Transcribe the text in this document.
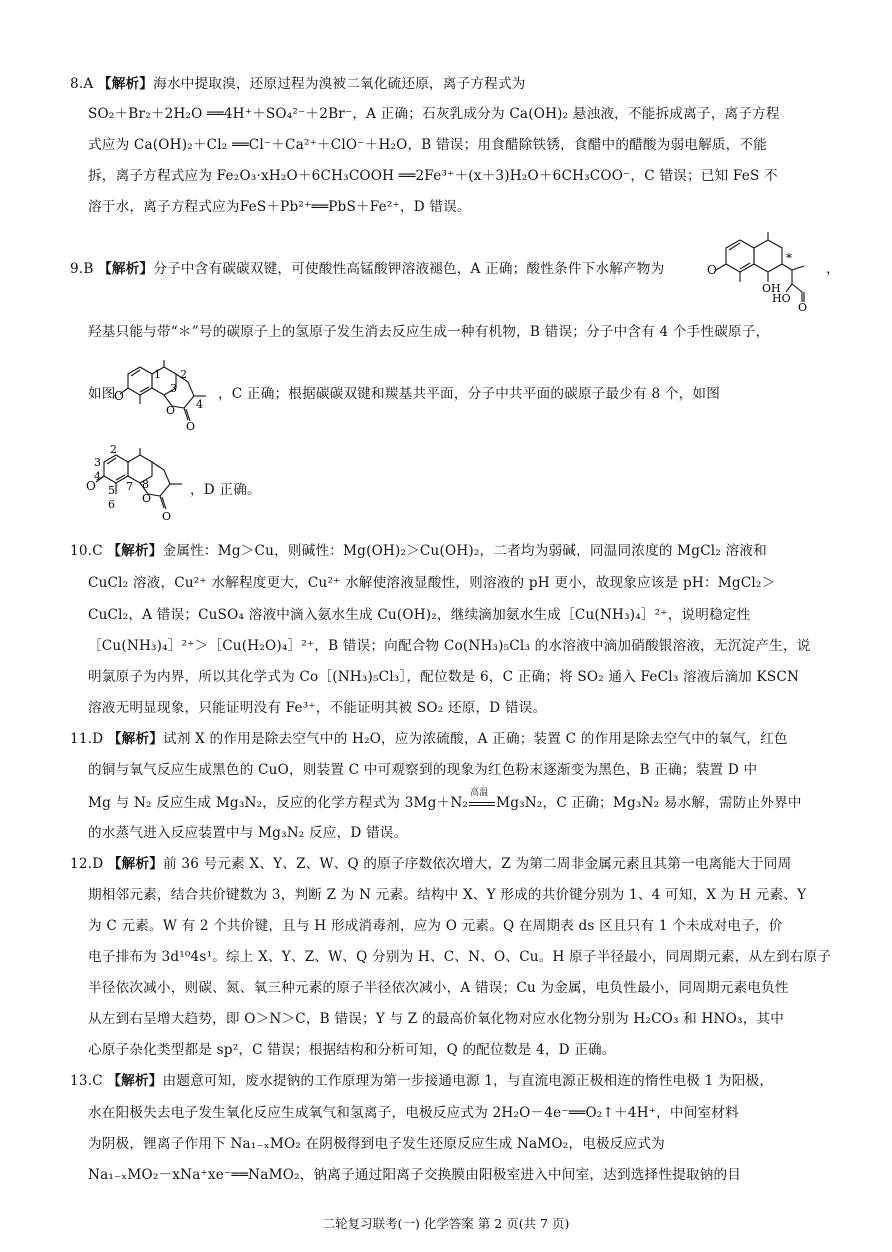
8.A 【解析】海水中提取溴，还原过程为溴被二氧化硫还原，离子方程式为
SO₂＋Br₂＋2H₂O ══4H⁺＋SO₄²⁻＋2Br⁻，A 正确；石灰乳成分为 Ca(OH)₂ 悬浊液，不能拆成离子，离子方程
式应为 Ca(OH)₂＋Cl₂ ══Cl⁻＋Ca²⁺＋ClO⁻＋H₂O，B 错误；用食醋除铁锈，食醋中的醋酸为弱电解质，不能
拆，离子方程式应为 Fe₂O₃·xH₂O＋6CH₃COOH ══2Fe³⁺＋(x＋3)H₂O＋6CH₃COO⁻，C 错误；已知 FeS 不
溶于水，离子方程式应为FeS＋Pb²⁺══PbS＋Fe²⁺，D 错误。
9.B 【解析】分子中含有碳碳双键，可使酸性高锰酸钾溶液褪色，A 正确；酸性条件下水解产物为	O
OH
HO
O
*
，
羟基只能与带“＊”号的碳原子上的氢原子发生消去反应生成一种有机物，B 错误；分子中含有 4 个手性碳原子，
如图
O
O
O
1 2
3
4
，C 正确；根据碳碳双键和羰基共平面，分子中共平面的碳原子最少有 8 个，如图
O
O
O
2
3
4
5
6
7 8	，D 正确。
10.C 【解析】金属性：Mg＞Cu，则碱性：Mg(OH)₂＞Cu(OH)₂，二者均为弱碱，同温同浓度的 MgCl₂ 溶液和
CuCl₂ 溶液，Cu²⁺ 水解程度更大，Cu²⁺ 水解使溶液显酸性，则溶液的 pH 更小，故现象应该是 pH：MgCl₂＞
CuCl₂，A 错误；CuSO₄ 溶液中滴入氨水生成 Cu(OH)₂，继续滴加氨水生成［Cu(NH₃)₄］²⁺，说明稳定性
［Cu(NH₃)₄］²⁺＞［Cu(H₂O)₄］²⁺，B 错误；向配合物 Co(NH₃)₅Cl₃ 的水溶液中滴加硝酸银溶液，无沉淀产生，说
明氯原子为内界，所以其化学式为 Co［(NH₃)₅Cl₃］，配位数是 6，C 正确；将 SO₂ 通入 FeCl₃ 溶液后滴加 KSCN
溶液无明显现象，只能证明没有 Fe³⁺，不能证明其被 SO₂ 还原，D 错误。
11.D 【解析】试剂 X 的作用是除去空气中的 H₂O，应为浓硫酸，A 正确；装置 C 的作用是除去空气中的氧气，红色
的铜与氧气反应生成黑色的 CuO，则装置 C 中可观察到的现象为红色粉末逐渐变为黑色，B 正确；装置 D 中
Mg 与 N₂ 反应生成 Mg₃N₂，反应的化学方程式为 3Mg＋N₂
高温
Mg₃N₂，C 正确；Mg₃N₂ 易水解，需防止外界中
的水蒸气进入反应装置中与 Mg₃N₂ 反应，D 错误。
12.D 【解析】前 36 号元素 X、Y、Z、W、Q 的原子序数依次增大，Z 为第二周非金属元素且其第一电离能大于同周
期相邻元素，结合共价键数为 3，判断 Z 为 N 元素。结构中 X、Y 形成的共价键分别为 1、4 可知，X 为 H 元素、Y
为 C 元素。W 有 2 个共价键，且与 H 形成消毒剂，应为 O 元素。Q 在周期表 ds 区且只有 1 个未成对电子，价
电子排布为 3d¹⁰4s¹。综上 X、Y、Z、W、Q 分别为 H、C、N、O、Cu。H 原子半径最小，同周期元素，从左到右原子
半径依次减小，则碳、氮、氧三种元素的原子半径依次减小，A 错误；Cu 为金属，电负性最小，同周期元素电负性
从左到右呈增大趋势，即 O＞N＞C，B 错误；Y 与 Z 的最高价氧化物对应水化物分别为 H₂CO₃ 和 HNO₃，其中
心原子杂化类型都是 sp²，C 错误；根据结构和分析可知，Q 的配位数是 4，D 正确。
13.C 【解析】由题意可知，废水提钠的工作原理为第一步接通电源 1，与直流电源正极相连的惰性电极 1 为阳极，
水在阳极失去电子发生氧化反应生成氧气和氢离子，电极反应式为 2H₂O－4e⁻══O₂↑＋4H⁺，中间室材料
为阴极，锂离子作用下 Na₁₋ₓMO₂ 在阴极得到电子发生还原反应生成 NaMO₂，电极反应式为
Na₁₋ₓMO₂－xNa⁺xe⁻══NaMO₂，钠离子通过阳离子交换膜由阳极室进入中间室，达到选择性提取钠的目
二轮复习联考(一) 化学答案 第 2 页(共 7 页)
